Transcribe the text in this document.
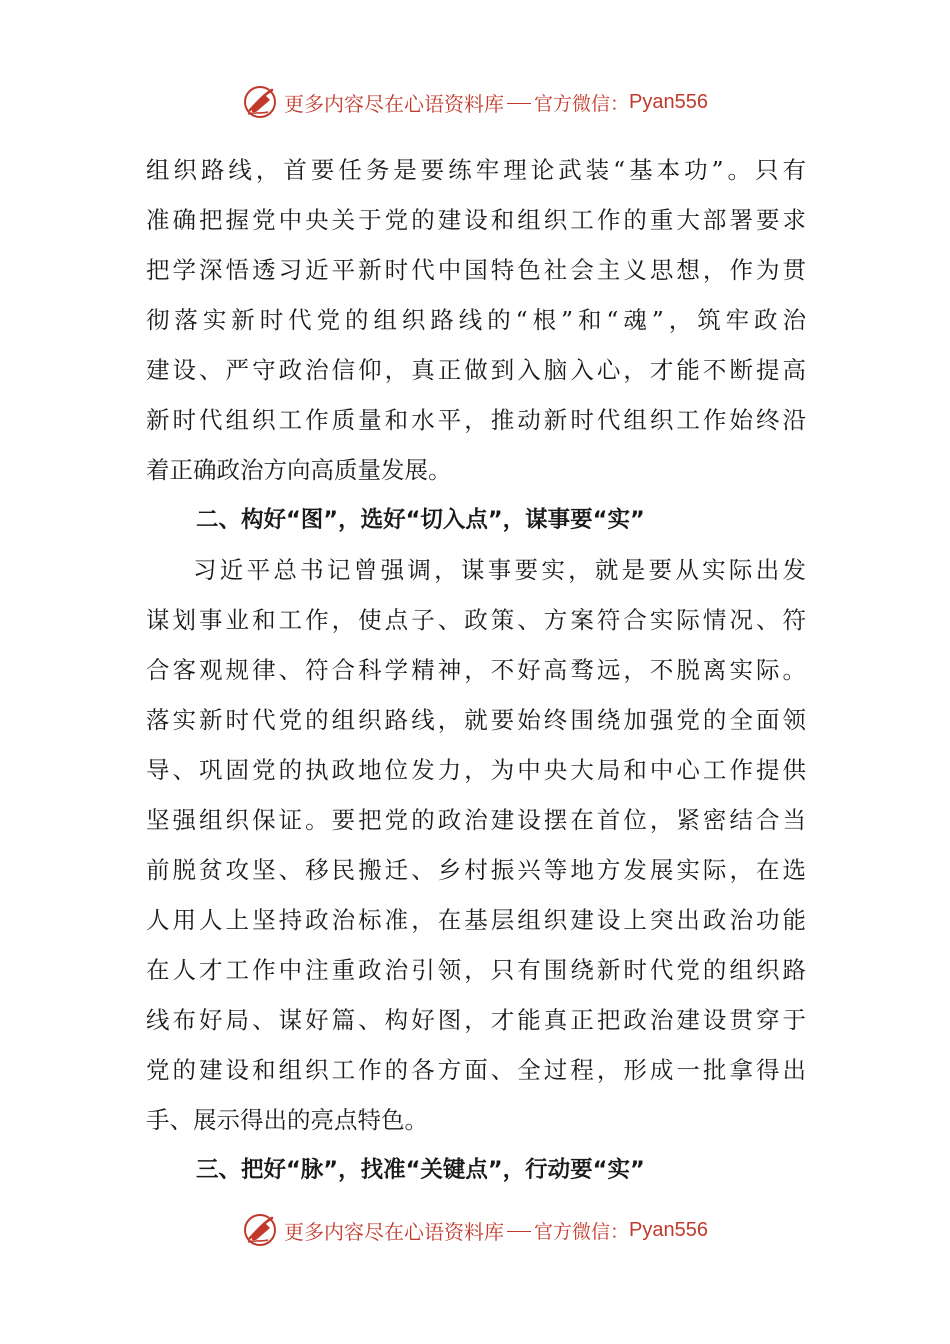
更多内容尽在心语资料库 官方微信： Pyan556
组织路线，首要任务是要练牢理论武装“基本功”。只有
准确把握党中央关于党的建设和组织工作的重大部署要求
把学深悟透习近平新时代中国特色社会主义思想，作为贯
彻落实新时代党的组织路线的“根”和“魂”，筑牢政治
建设、严守政治信仰，真正做到入脑入心，才能不断提高
新时代组织工作质量和水平，推动新时代组织工作始终沿
着正确政治方向高质量发展。
二、构好“图”，选好“切入点”，谋事要“实”
习近平总书记曾强调，谋事要实，就是要从实际出发
谋划事业和工作，使点子、政策、方案符合实际情况、符
合客观规律、符合科学精神，不好高骛远，不脱离实际。
落实新时代党的组织路线，就要始终围绕加强党的全面领
导、巩固党的执政地位发力，为中央大局和中心工作提供
坚强组织保证。要把党的政治建设摆在首位，紧密结合当
前脱贫攻坚、移民搬迁、乡村振兴等地方发展实际，在选
人用人上坚持政治标准，在基层组织建设上突出政治功能
在人才工作中注重政治引领，只有围绕新时代党的组织路
线布好局、谋好篇、构好图，才能真正把政治建设贯穿于
党的建设和组织工作的各方面、全过程，形成一批拿得出
手、展示得出的亮点特色。
三、把好“脉”，找准“关键点”，行动要“实”
更多内容尽在心语资料库 官方微信： Pyan556
